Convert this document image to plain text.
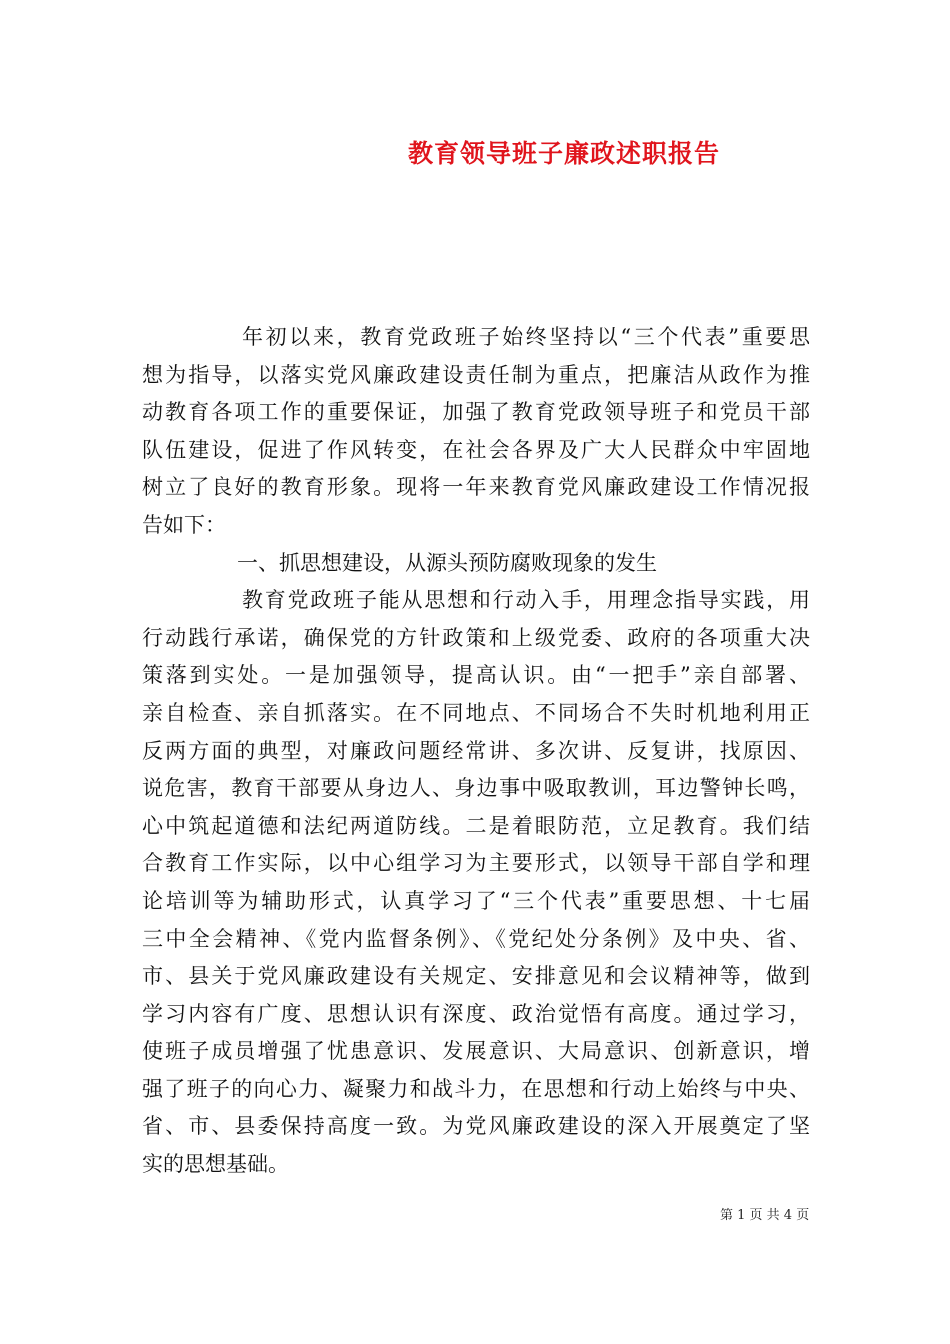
教育领导班子廉政述职报告
年初以来，教育党政班子始终坚持以“三个代表”重要思
想为指导，以落实党风廉政建设责任制为重点，把廉洁从政作为推
动教育各项工作的重要保证，加强了教育党政领导班子和党员干部
队伍建设，促进了作风转变，在社会各界及广大人民群众中牢固地
树立了良好的教育形象。现将一年来教育党风廉政建设工作情况报
告如下：
一、抓思想建设，从源头预防腐败现象的发生
教育党政班子能从思想和行动入手，用理念指导实践，用
行动践行承诺，确保党的方针政策和上级党委、政府的各项重大决
策落到实处。一是加强领导，提高认识。由“一把手”亲自部署、
亲自检查、亲自抓落实。在不同地点、不同场合不失时机地利用正
反两方面的典型，对廉政问题经常讲、多次讲、反复讲，找原因、
说危害，教育干部要从身边人、身边事中吸取教训，耳边警钟长鸣，
心中筑起道德和法纪两道防线。二是着眼防范，立足教育。我们结
合教育工作实际，以中心组学习为主要形式，以领导干部自学和理
论培训等为辅助形式，认真学习了“三个代表”重要思想、十七届
三中全会精神、《党内监督条例》、《党纪处分条例》及中央、省、
市、县关于党风廉政建设有关规定、安排意见和会议精神等，做到
学习内容有广度、思想认识有深度、政治觉悟有高度。通过学习，
使班子成员增强了忧患意识、发展意识、大局意识、创新意识，增
强了班子的向心力、凝聚力和战斗力，在思想和行动上始终与中央、
省、市、县委保持高度一致。为党风廉政建设的深入开展奠定了坚
实的思想基础。
第 1 页 共 4 页
